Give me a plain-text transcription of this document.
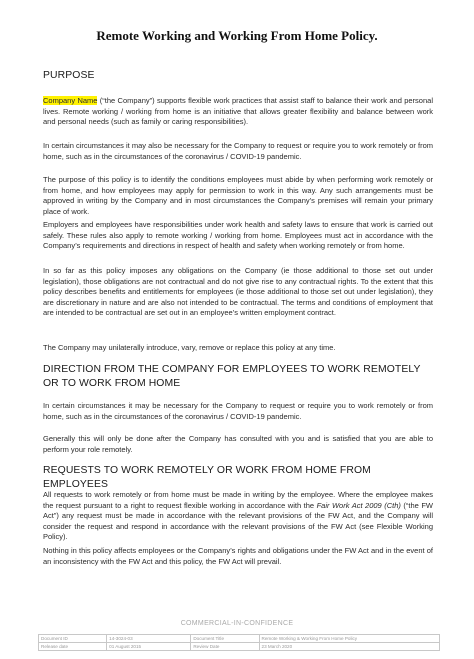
Remote Working and Working From Home Policy.
PURPOSE

Company Name (“the Company”) supports flexible work practices that assist staff to balance their work and personal lives. Remote working / working from home is an initiative that allows greater flexibility and balance between work and personal needs (such as family or caring responsibilities).

In certain circumstances it may also be necessary for the Company to request or require you to work remotely or from home, such as in the circumstances of the coronavirus / COVID-19 pandemic.

The purpose of this policy is to identify the conditions employees must abide by when performing work remotely or from home, and how employees may apply for permission to work in this way. Any such arrangements must be approved in writing by the Company and in most circumstances the Company’s premises will remain your primary place of work.

Employers and employees have responsibilities under work health and safety laws to ensure that work is carried out safely. These rules also apply to remote working / working from home. Employees must act in accordance with the Company’s requirements and directions in respect of health and safety when working remotely or from home.

In so far as this policy imposes any obligations on the Company (ie those additional to those set out under legislation), those obligations are not contractual and do not give rise to any contractual rights. To the extent that this policy describes benefits and entitlements for employees (ie those additional to those set out under legislation), they are discretionary in nature and are also not intended to be contractual. The terms and conditions of employment that are intended to be contractual are set out in an employee’s written employment contract.

The Company may unilaterally introduce, vary, remove or replace this policy at any time.

DIRECTION FROM THE COMPANY FOR EMPLOYEES TO WORK REMOTELY OR TO WORK FROM HOME

In certain circumstances it may be necessary for the Company to request or require you to work remotely or from home, such as in the circumstances of the coronavirus / COVID-19 pandemic.

Generally this will only be done after the Company has consulted with you and is satisfied that you are able to perform your role remotely.

REQUESTS TO WORK REMOTELY OR WORK FROM HOME FROM EMPLOYEES

All requests to work remotely or from home must be made in writing by the employee. Where the employee makes the request pursuant to a right to request flexible working in accordance with the Fair Work Act 2009 (Cth) (“the FW Act”) any request must be made in accordance with the relevant provisions of the FW Act, and the Company will consider the request and respond in accordance with the relevant provisions of the FW Act (see Flexible Working Policy).

Nothing in this policy affects employees or the Company’s rights and obligations under the FW Act and in the event of an inconsistency with the FW Act and this policy, the FW Act will prevail.

COMMERCIAL-IN-CONFIDENCE
Document ID	14-3024-03	Document Title	Remote Working & Working From Home Policy
Release date	01 August 2015	Review Date	23 March 2020
